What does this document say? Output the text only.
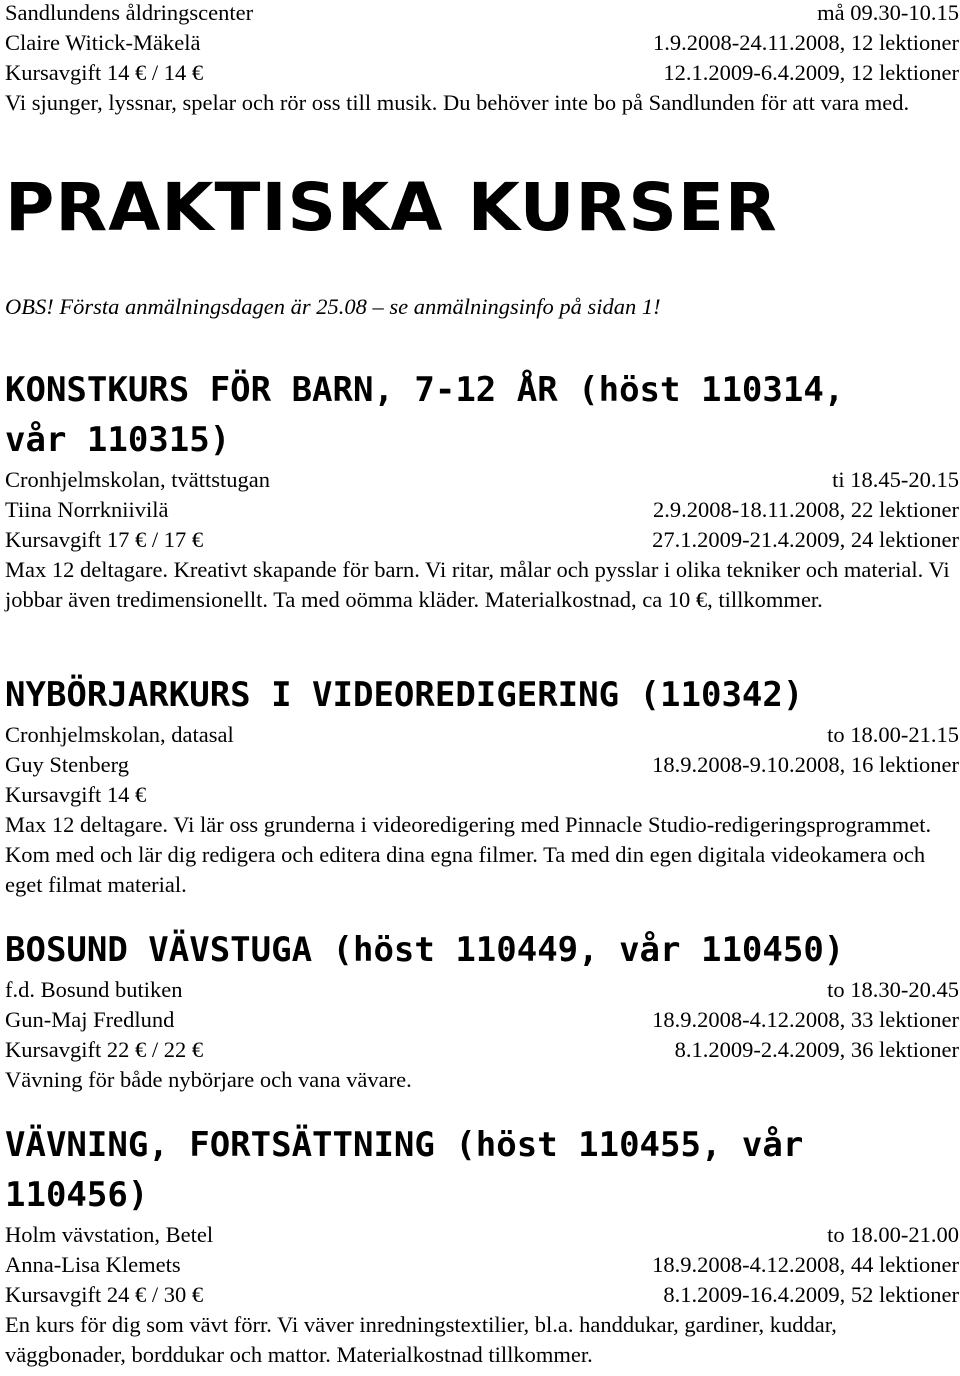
Sandlundens åldringscenter	må 09.30-10.15
Claire Witick-Mäkelä	1.9.2008-24.11.2008, 12 lektioner
Kursavgift 14 € / 14 €	12.1.2009-6.4.2009, 12 lektioner
Vi sjunger, lyssnar, spelar och rör oss till musik. Du behöver inte bo på Sandlunden för att vara med.
PRAKTISKA KURSER
OBS! Första anmälningsdagen är 25.08 – se anmälningsinfo på sidan 1!
KONSTKURS FÖR BARN, 7-12 ÅR (höst 110314, vår 110315)
Cronhjelmskolan, tvättstugan	ti 18.45-20.15
Tiina Norrkniivilä	2.9.2008-18.11.2008, 22 lektioner
Kursavgift 17 € / 17 €	27.1.2009-21.4.2009, 24 lektioner
Max 12 deltagare. Kreativt skapande för barn. Vi ritar, målar och pysslar i olika tekniker och material. Vi jobbar även tredimensionellt. Ta med oömma kläder. Materialkostnad, ca 10 €, tillkommer.
NYBÖRJARKURS I VIDEOREDIGERING (110342)
Cronhjelmskolan, datasal	to 18.00-21.15
Guy Stenberg	18.9.2008-9.10.2008, 16 lektioner
Kursavgift 14 €
Max 12 deltagare. Vi lär oss grunderna i videoredigering med Pinnacle Studio-redigeringsprogrammet. Kom med och lär dig redigera och editera dina egna filmer. Ta med din egen digitala videokamera och eget filmat material.
BOSUND VÄVSTUGA (höst 110449, vår 110450)
f.d. Bosund butiken	to 18.30-20.45
Gun-Maj Fredlund	18.9.2008-4.12.2008, 33 lektioner
Kursavgift 22 € / 22 €	8.1.2009-2.4.2009, 36 lektioner
Vävning för både nybörjare och vana vävare.
VÄVNING, FORTSÄTTNING (höst 110455, vår 110456)
Holm vävstation, Betel	to 18.00-21.00
Anna-Lisa Klemets	18.9.2008-4.12.2008, 44 lektioner
Kursavgift 24 € / 30 €	8.1.2009-16.4.2009, 52 lektioner
En kurs för dig som vävt förr. Vi väver inredningstextilier, bl.a. handdukar, gardiner, kuddar, väggbonader, borddukar och mattor. Materialkostnad tillkommer.
